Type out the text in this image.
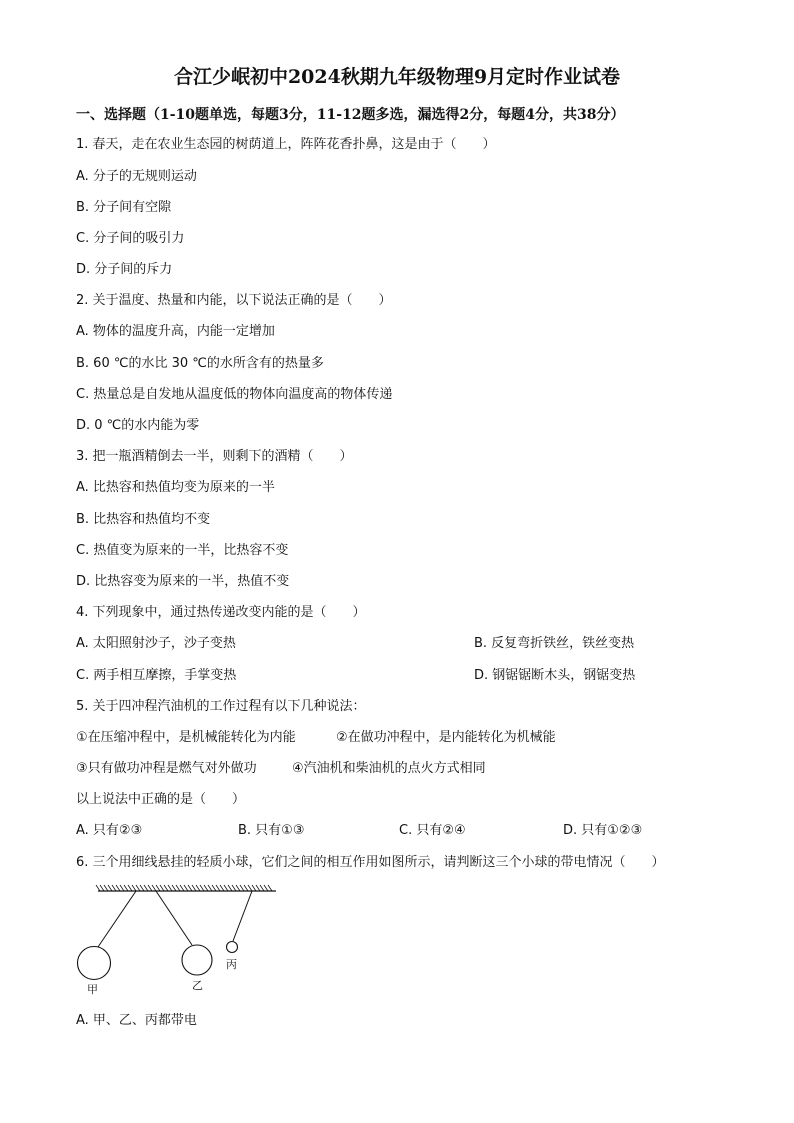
合江少岷初中2024秋期九年级物理9月定时作业试卷
一、选择题（1-10题单选，每题3分，11-12题多选，漏选得2分，每题4分，共38分）
1. 春天，走在农业生态园的树荫道上，阵阵花香扑鼻，这是由于（　　）
A. 分子的无规则运动
B. 分子间有空隙
C. 分子间的吸引力
D. 分子间的斥力
2. 关于温度、热量和内能，以下说法正确的是（　　）
A. 物体的温度升高，内能一定增加
B. 60 ℃的水比 30 ℃的水所含有的热量多
C. 热量总是自发地从温度低的物体向温度高的物体传递
D. 0 ℃的水内能为零
3. 把一瓶酒精倒去一半，则剩下的酒精（　　）
A. 比热容和热值均变为原来的一半
B. 比热容和热值均不变
C. 热值变为原来的一半，比热容不变
D. 比热容变为原来的一半，热值不变
4. 下列现象中，通过热传递改变内能的是（　　）
A. 太阳照射沙子，沙子变热	B. 反复弯折铁丝，铁丝变热
C. 两手相互摩擦，手掌变热	D. 钢锯锯断木头，钢锯变热
5. 关于四冲程汽油机的工作过程有以下几种说法：
①在压缩冲程中，是机械能转化为内能	②在做功冲程中，是内能转化为机械能
③只有做功冲程是燃气对外做功	④汽油机和柴油机的点火方式相同
以上说法中正确的是（　　）
A. 只有②③	B. 只有①③	C. 只有②④	D. 只有①②③
6. 三个用细线悬挂的轻质小球，它们之间的相互作用如图所示，请判断这三个小球的带电情况（　　）
甲	乙
丙
A. 甲、乙、丙都带电
